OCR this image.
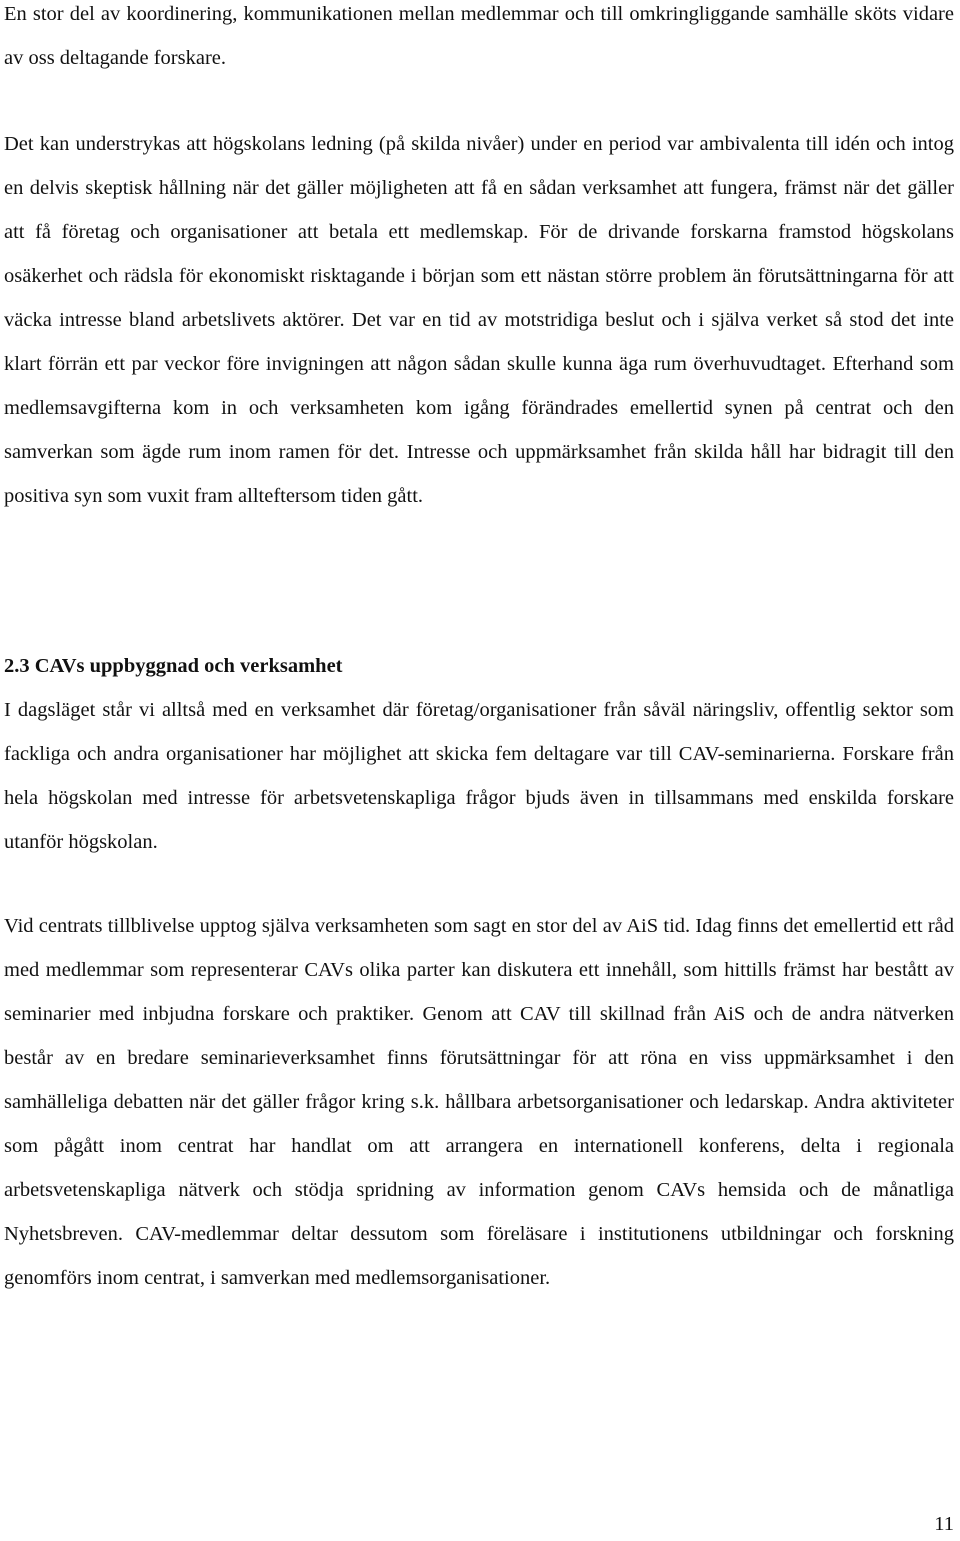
En stor del av koordinering, kommunikationen mellan medlemmar och till omkringliggande samhälle sköts vidare av oss deltagande forskare.

Det kan understrykas att högskolans ledning (på skilda nivåer) under en period var ambivalenta till idén och intog en delvis skeptisk hållning när det gäller möjligheten att få en sådan verksamhet att fungera, främst när det gäller att få företag och organisationer att betala ett medlemskap. För de drivande forskarna framstod högskolans osäkerhet och rädsla för ekonomiskt risktagande i början som ett nästan större problem än förutsättningarna för att väcka intresse bland arbetslivets aktörer. Det var en tid av motstridiga beslut och i själva verket så stod det inte klart förrän ett par veckor före invigningen att någon sådan skulle kunna äga rum överhuvudtaget. Efterhand som medlemsavgifterna kom in och verksamheten kom igång förändrades emellertid synen på centrat och den samverkan som ägde rum inom ramen för det. Intresse och uppmärksamhet från skilda håll har bidragit till den positiva syn som vuxit fram allteftersom tiden gått.

2.3 CAVs uppbyggnad och verksamhet

I dagsläget står vi alltså med en verksamhet där företag/organisationer från såväl näringsliv, offentlig sektor som fackliga och andra organisationer har möjlighet att skicka fem deltagare var till CAV-seminarierna. Forskare från hela högskolan med intresse för arbetsvetenskapliga frågor bjuds även in tillsammans med enskilda forskare utanför högskolan.

Vid centrats tillblivelse upptog själva verksamheten som sagt en stor del av AiS tid. Idag finns det emellertid ett råd med medlemmar som representerar CAVs olika parter kan diskutera ett innehåll, som hittills främst har bestått av seminarier med inbjudna forskare och praktiker. Genom att CAV till skillnad från AiS och de andra nätverken består av en bredare seminarieverksamhet finns förutsättningar för att röna en viss uppmärksamhet i den samhälleliga debatten när det gäller frågor kring s.k. hållbara arbetsorganisationer och ledarskap. Andra aktiviteter som pågått inom centrat har handlat om att arrangera en internationell konferens, delta i regionala arbetsvetenskapliga nätverk och stödja spridning av information genom CAVs hemsida och de månatliga Nyhetsbreven. CAV-medlemmar deltar dessutom som föreläsare i institutionens utbildningar och forskning genomförs inom centrat, i samverkan med medlemsorganisationer.

11
